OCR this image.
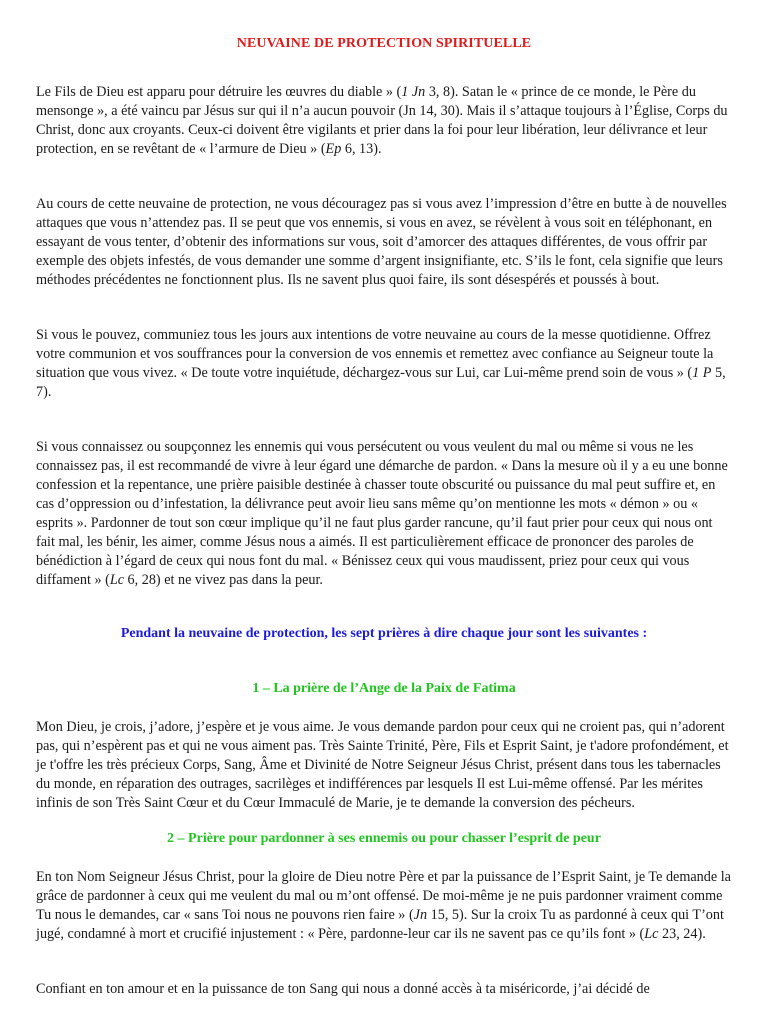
NEUVAINE DE PROTECTION SPIRITUELLE

Le Fils de Dieu est apparu pour détruire les œuvres du diable » (1 Jn 3, 8). Satan le « prince de ce monde, le Père du mensonge », a été vaincu par Jésus sur qui il n’a aucun pouvoir (Jn 14, 30). Mais il s’attaque toujours à l’Église, Corps du Christ, donc aux croyants. Ceux-ci doivent être vigilants et prier dans la foi pour leur libération, leur délivrance et leur protection, en se revêtant de « l’armure de Dieu » (Ep 6, 13).

Au cours de cette neuvaine de protection, ne vous découragez pas si vous avez l’impression d’être en butte à de nouvelles attaques que vous n’attendez pas. Il se peut que vos ennemis, si vous en avez, se révèlent à vous soit en téléphonant, en essayant de vous tenter, d’obtenir des informations sur vous, soit d’amorcer des attaques différentes, de vous offrir par exemple des objets infestés, de vous demander une somme d’argent insignifiante, etc. S’ils le font, cela signifie que leurs méthodes précédentes ne fonctionnent plus. Ils ne savent plus quoi faire, ils sont désespérés et poussés à bout.

Si vous le pouvez, communiez tous les jours aux intentions de votre neuvaine au cours de la messe quotidienne. Offrez votre communion et vos souffrances pour la conversion de vos ennemis et remettez avec confiance au Seigneur toute la situation que vous vivez. « De toute votre inquiétude, déchargez-vous sur Lui, car Lui-même prend soin de vous » (1 P 5, 7).

Si vous connaissez ou soupçonnez les ennemis qui vous persécutent ou vous veulent du mal ou même si vous ne les connaissez pas, il est recommandé de vivre à leur égard une démarche de pardon. « Dans la mesure où il y a eu une bonne confession et la repentance, une prière paisible destinée à chasser toute obscurité ou puissance du mal peut suffire et, en cas d’oppression ou d’infestation, la délivrance peut avoir lieu sans même qu’on mentionne les mots « démon » ou « esprits ». Pardonner de tout son cœur implique qu’il ne faut plus garder rancune, qu’il faut prier pour ceux qui nous ont fait mal, les bénir, les aimer, comme Jésus nous a aimés. Il est particulièrement efficace de prononcer des paroles de bénédiction à l’égard de ceux qui nous font du mal. « Bénissez ceux qui vous maudissent, priez pour ceux qui vous diffament » (Lc 6, 28) et ne vivez pas dans la peur.

Pendant la neuvaine de protection, les sept prières à dire chaque jour sont les suivantes :
1 – La prière de l’Ange de la Paix de Fatima

Mon Dieu, je crois, j’adore, j’espère et je vous aime. Je vous demande pardon pour ceux qui ne croient pas, qui n’adorent pas, qui n’espèrent pas et qui ne vous aiment pas. Très Sainte Trinité, Père, Fils et Esprit Saint, je t'adore profondément, et je t'offre les très précieux Corps, Sang, Âme et Divinité de Notre Seigneur Jésus Christ, présent dans tous les tabernacles du monde, en réparation des outrages, sacrilèges et indifférences par lesquels Il est Lui-même offensé. Par les mérites infinis de son Très Saint Cœur et du Cœur Immaculé de Marie, je te demande la conversion des pécheurs.

2 – Prière pour pardonner à ses ennemis ou pour chasser l’esprit de peur

En ton Nom Seigneur Jésus Christ, pour la gloire de Dieu notre Père et par la puissance de l’Esprit Saint, je Te demande la grâce de pardonner à ceux qui me veulent du mal ou m’ont offensé. De moi-même je ne puis pardonner vraiment comme Tu nous le demandes, car « sans Toi nous ne pouvons rien faire » (Jn 15, 5). Sur la croix Tu as pardonné à ceux qui T’ont jugé, condamné à mort et crucifié injustement : « Père, pardonne-leur car ils ne savent pas ce qu’ils font » (Lc 23, 24).

Confiant en ton amour et en la puissance de ton Sang qui nous a donné accès à ta miséricorde, j’ai décidé de
